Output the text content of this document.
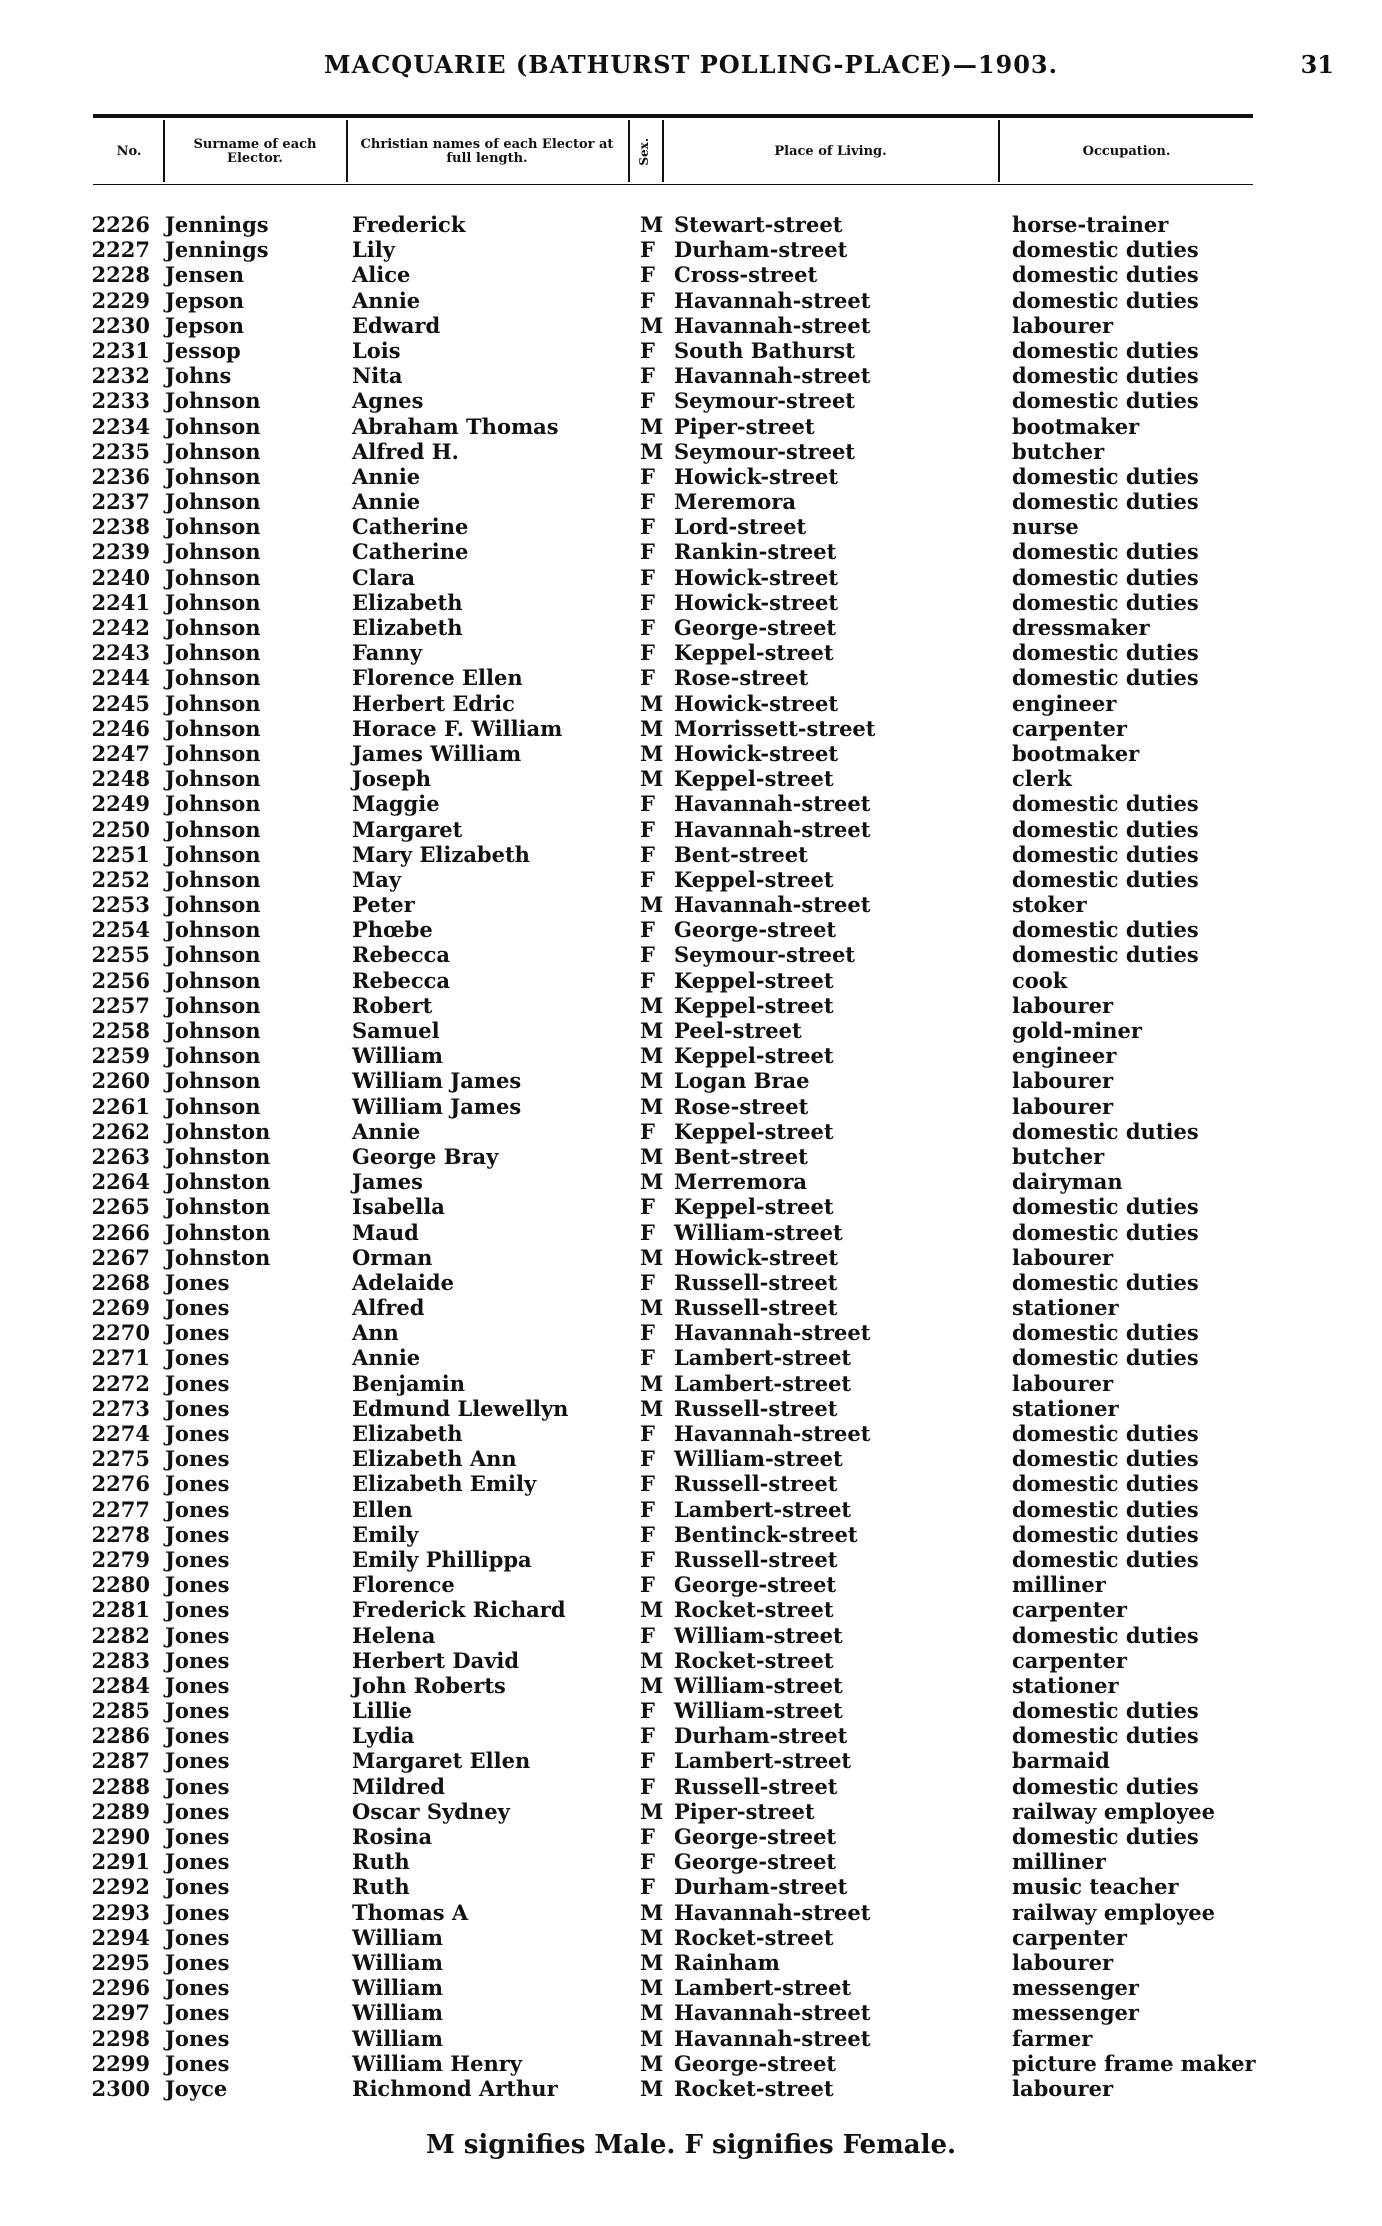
MACQUARIE (BATHURST POLLING-PLACE)—1903.	31
No.	Surname of each Elector.
Christian names of each Elector at full length.	Sex.	Place of Living.	Occupation.
2226 Jennings	Frederick	M Stewart-street	horse-trainer
2227 Jennings	Lily	F Durham-street	domestic duties
2228 Jensen	Alice	F Cross-street	domestic duties
2229 Jepson	Annie	F Havannah-street	domestic duties
2230 Jepson	Edward	M Havannah-street	labourer
2231 Jessop	Lois	F South Bathurst	domestic duties
2232 Johns	Nita	F Havannah-street	domestic duties
2233 Johnson	Agnes	F Seymour-street	domestic duties
2234 Johnson	Abraham Thomas	M Piper-street	bootmaker
2235 Johnson	Alfred H.	M Seymour-street	butcher
2236 Johnson	Annie	F Howick-street	domestic duties
2237 Johnson	Annie	F Meremora	domestic duties
2238 Johnson	Catherine	F Lord-street	nurse
2239 Johnson	Catherine	F Rankin-street	domestic duties
2240 Johnson	Clara	F Howick-street	domestic duties
2241 Johnson	Elizabeth	F Howick-street	domestic duties
2242 Johnson	Elizabeth	F George-street	dressmaker
2243 Johnson	Fanny	F Keppel-street	domestic duties
2244 Johnson	Florence Ellen	F Rose-street	domestic duties
2245 Johnson	Herbert Edric	M Howick-street	engineer
2246 Johnson	Horace F. William	M Morrissett-street	carpenter
2247 Johnson	James William	M Howick-street	bootmaker
2248 Johnson	Joseph	M Keppel-street	clerk
2249 Johnson	Maggie	F Havannah-street	domestic duties
2250 Johnson	Margaret	F Havannah-street	domestic duties
2251 Johnson	Mary Elizabeth	F Bent-street	domestic duties
2252 Johnson	May	F Keppel-street	domestic duties
2253 Johnson	Peter	M Havannah-street	stoker
2254 Johnson	Phœbe	F George-street	domestic duties
2255 Johnson	Rebecca	F Seymour-street	domestic duties
2256 Johnson	Rebecca	F Keppel-street	cook
2257 Johnson	Robert	M Keppel-street	labourer
2258 Johnson	Samuel	M Peel-street	gold-miner
2259 Johnson	William	M Keppel-street	engineer
2260 Johnson	William James	M Logan Brae	labourer
2261 Johnson	William James	M Rose-street	labourer
2262 Johnston	Annie	F Keppel-street	domestic duties
2263 Johnston	George Bray	M Bent-street	butcher
2264 Johnston	James	M Merremora	dairyman
2265 Johnston	Isabella	F Keppel-street	domestic duties
2266 Johnston	Maud	F William-street	domestic duties
2267 Johnston	Orman	M Howick-street	labourer
2268 Jones	Adelaide	F Russell-street	domestic duties
2269 Jones	Alfred	M Russell-street	stationer
2270 Jones	Ann	F Havannah-street	domestic duties
2271 Jones	Annie	F Lambert-street	domestic duties
2272 Jones	Benjamin	M Lambert-street	labourer
2273 Jones	Edmund Llewellyn	M Russell-street	stationer
2274 Jones	Elizabeth	F Havannah-street	domestic duties
2275 Jones	Elizabeth Ann	F William-street	domestic duties
2276 Jones	Elizabeth Emily	F Russell-street	domestic duties
2277 Jones	Ellen	F Lambert-street	domestic duties
2278 Jones	Emily	F Bentinck-street	domestic duties
2279 Jones	Emily Phillippa	F Russell-street	domestic duties
2280 Jones	Florence	F George-street	milliner
2281 Jones	Frederick Richard	M Rocket-street	carpenter
2282 Jones	Helena	F William-street	domestic duties
2283 Jones	Herbert David	M Rocket-street	carpenter
2284 Jones	John Roberts	M William-street	stationer
2285 Jones	Lillie	F William-street	domestic duties
2286 Jones	Lydia	F Durham-street	domestic duties
2287 Jones	Margaret Ellen	F Lambert-street	barmaid
2288 Jones	Mildred	F Russell-street	domestic duties
2289 Jones	Oscar Sydney	M Piper-street	railway employee
2290 Jones	Rosina	F George-street	domestic duties
2291 Jones	Ruth	F George-street	milliner
2292 Jones	Ruth	F Durham-street	music teacher
2293 Jones	Thomas A	M Havannah-street	railway employee
2294 Jones	William	M Rocket-street	carpenter
2295 Jones	William	M Rainham	labourer
2296 Jones	William	M Lambert-street	messenger
2297 Jones	William	M Havannah-street	messenger
2298 Jones	William	M Havannah-street	farmer
2299 Jones	William Henry	M George-street	picture frame maker
2300 Joyce	Richmond Arthur	M Rocket-street	labourer
M signifies Male. F signifies Female.
